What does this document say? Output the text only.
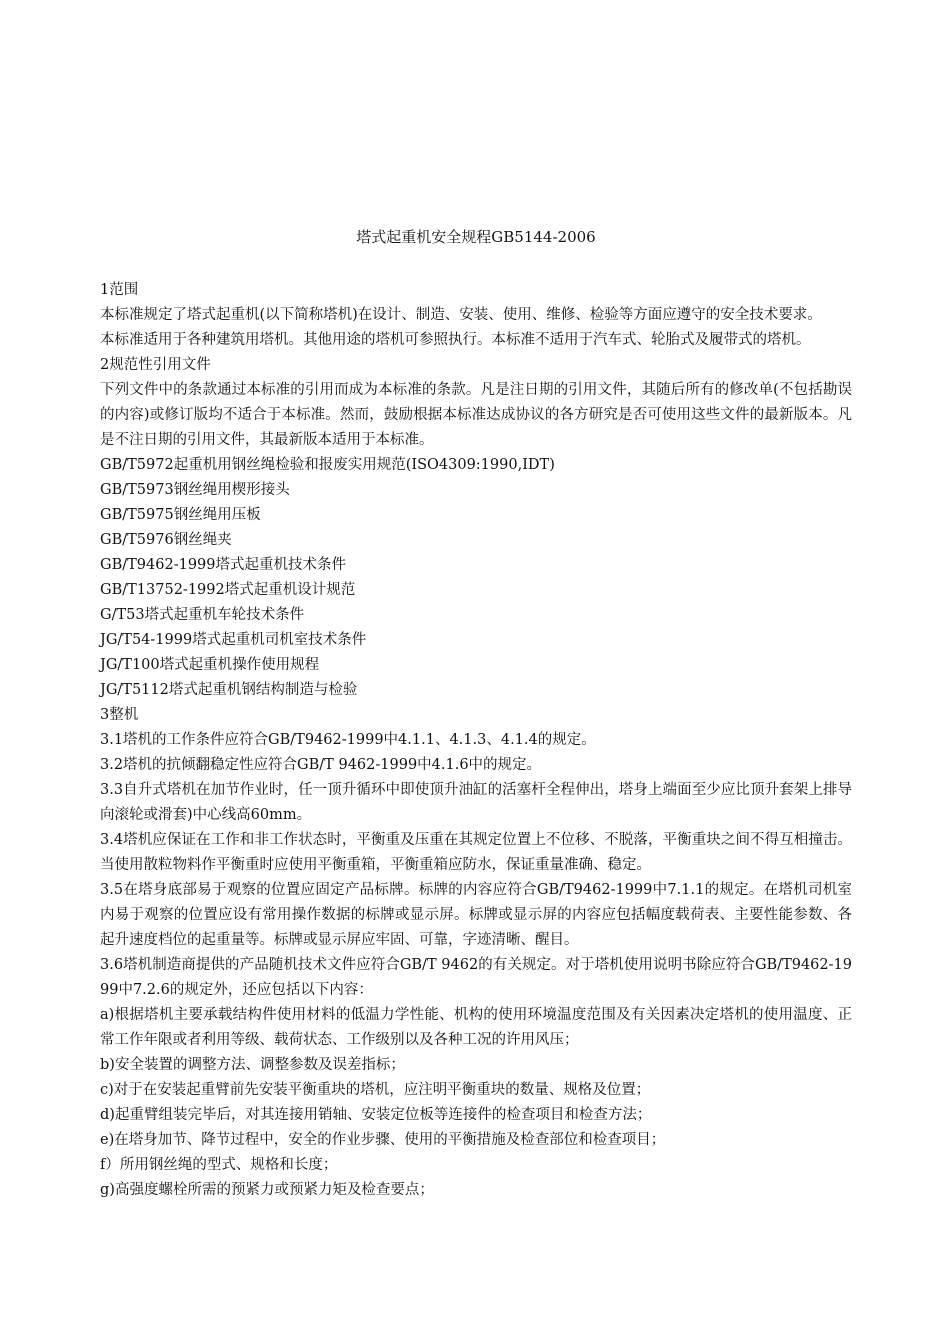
塔式起重机安全规程GB5144-2006

1范围

本标准规定了塔式起重机(以下简称塔机)在设计、制造、安装、使用、维修、检验等方面应遵守的安全技术要求。

本标准适用于各种建筑用塔机。其他用途的塔机可参照执行。本标准不适用于汽车式、轮胎式及履带式的塔机。

2规范性引用文件

下列文件中的条款通过本标准的引用而成为本标准的条款。凡是注日期的引用文件，其随后所有的修改单(不包括勘误的内容)或修订版均不适合于本标准。然而，鼓励根据本标准达成协议的各方研究是否可使用这些文件的最新版本。凡是不注日期的引用文件，其最新版本适用于本标准。

GB/T5972起重机用钢丝绳检验和报废实用规范(ISO4309:1990,IDT)

GB/T5973钢丝绳用楔形接头

GB/T5975钢丝绳用压板

GB/T5976钢丝绳夹

GB/T9462-1999塔式起重机技术条件

GB/T13752-1992塔式起重机设计规范

G/T53塔式起重机车轮技术条件

JG/T54-1999塔式起重机司机室技术条件

JG/T100塔式起重机操作使用规程

JG/T5112塔式起重机钢结构制造与检验

3整机

3.1塔机的工作条件应符合GB/T9462-1999中4.1.1、4.1.3、4.1.4的规定。

3.2塔机的抗倾翻稳定性应符合GB/T 9462-1999中4.1.6中的规定。

3.3自升式塔机在加节作业时，任一顶升循环中即使顶升油缸的活塞杆全程伸出，塔身上端面至少应比顶升套架上排导向滚轮或滑套)中心线高60mm。

3.4塔机应保证在工作和非工作状态时，平衡重及压重在其规定位置上不位移、不脱落，平衡重块之间不得互相撞击。当使用散粒物料作平衡重时应使用平衡重箱，平衡重箱应防水，保证重量准确、稳定。

3.5在塔身底部易于观察的位置应固定产品标牌。标牌的内容应符合GB/T9462-1999中7.1.1的规定。在塔机司机室内易于观察的位置应设有常用操作数据的标牌或显示屏。标牌或显示屏的内容应包括幅度载荷表、主要性能参数、各起升速度档位的起重量等。标牌或显示屏应牢固、可靠，字迹清晰、醒目。

3.6塔机制造商提供的产品随机技术文件应符合GB/T 9462的有关规定。对于塔机使用说明书除应符合GB/T9462-1999中7.2.6的规定外，还应包括以下内容：

a)根据塔机主要承载结构件使用材料的低温力学性能、机构的使用环境温度范围及有关因素决定塔机的使用温度、正常工作年限或者利用等级、载荷状态、工作级别以及各种工况的许用风压；

b)安全装置的调整方法、调整参数及误差指标；

c)对于在安装起重臂前先安装平衡重块的塔机，应注明平衡重块的数量、规格及位置；

d)起重臂组装完毕后，对其连接用销轴、安装定位板等连接件的检查项目和检查方法；

e)在塔身加节、降节过程中，安全的作业步骤、使用的平衡措施及检查部位和检查项目；

f）所用钢丝绳的型式、规格和长度；

g)高强度螺栓所需的预紧力或预紧力矩及检查要点；
